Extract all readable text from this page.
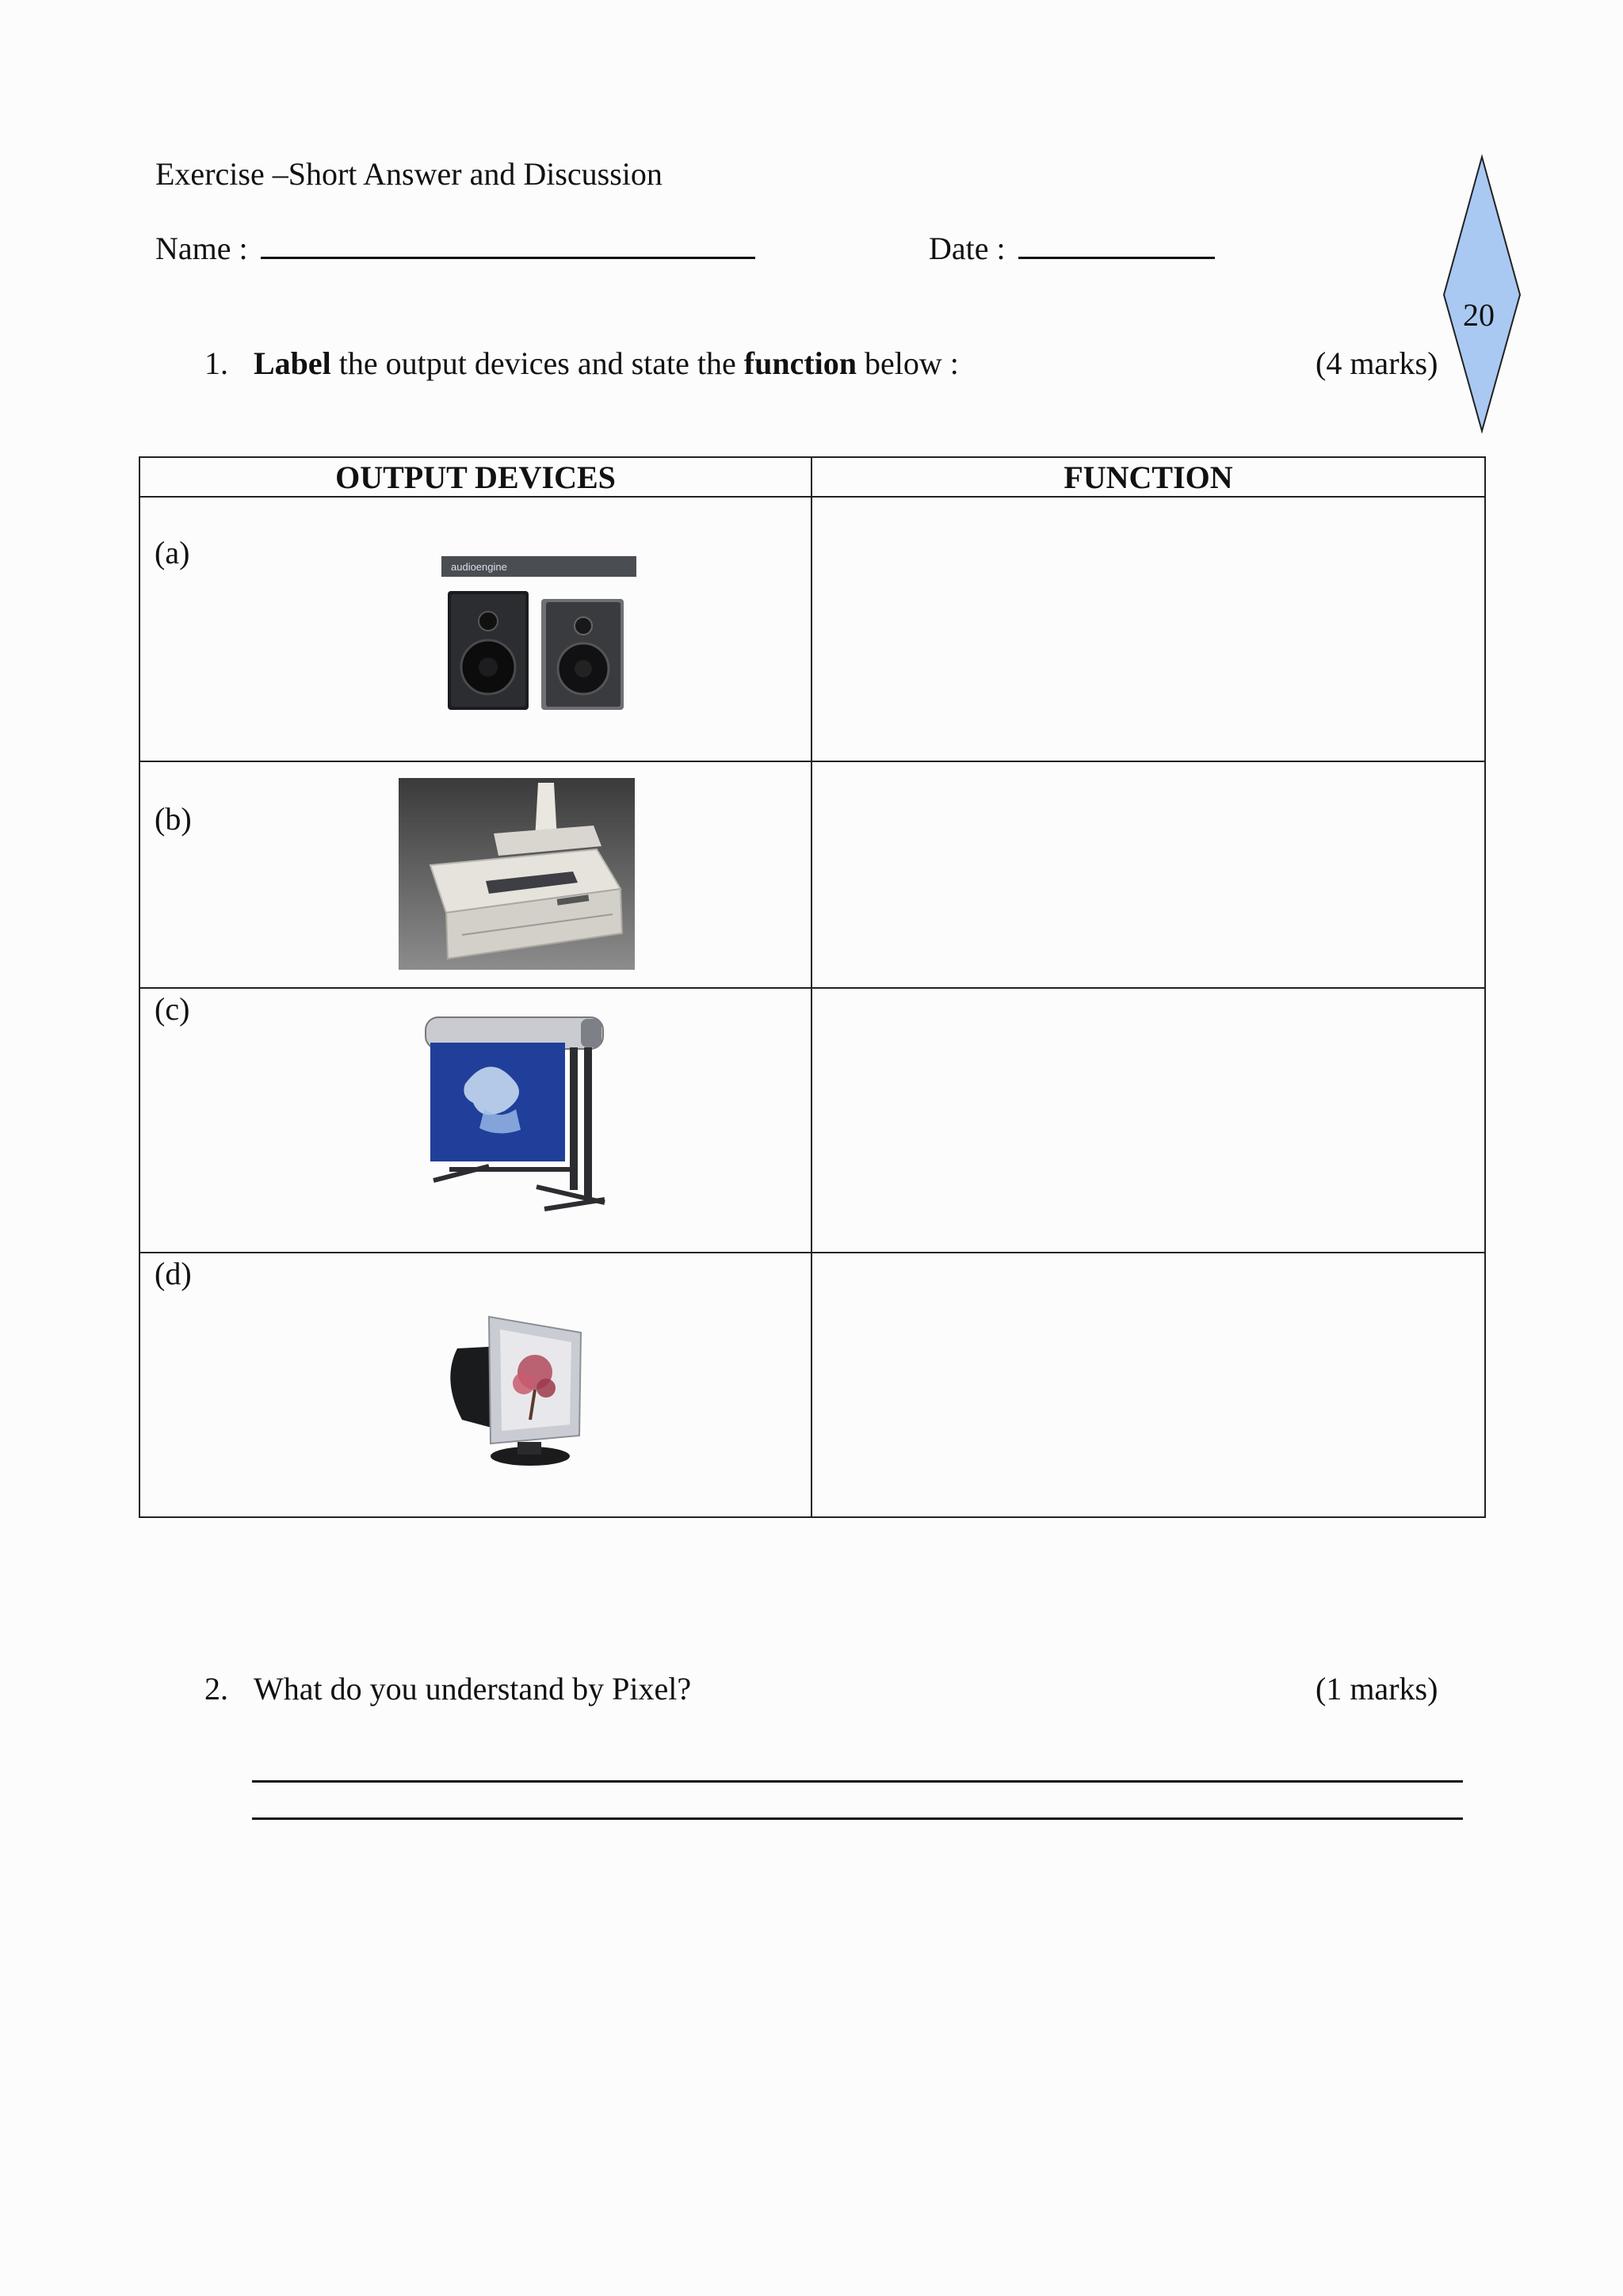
Exercise –Short Answer and Discussion
Name :	Date :
20
1. Label the output devices and state the function below :	(4 marks)
OUTPUT DEVICES	FUNCTION

(a) audioengine	

(b)	

(c)	

(d)	

2. What do you understand by Pixel?	(1 marks)
